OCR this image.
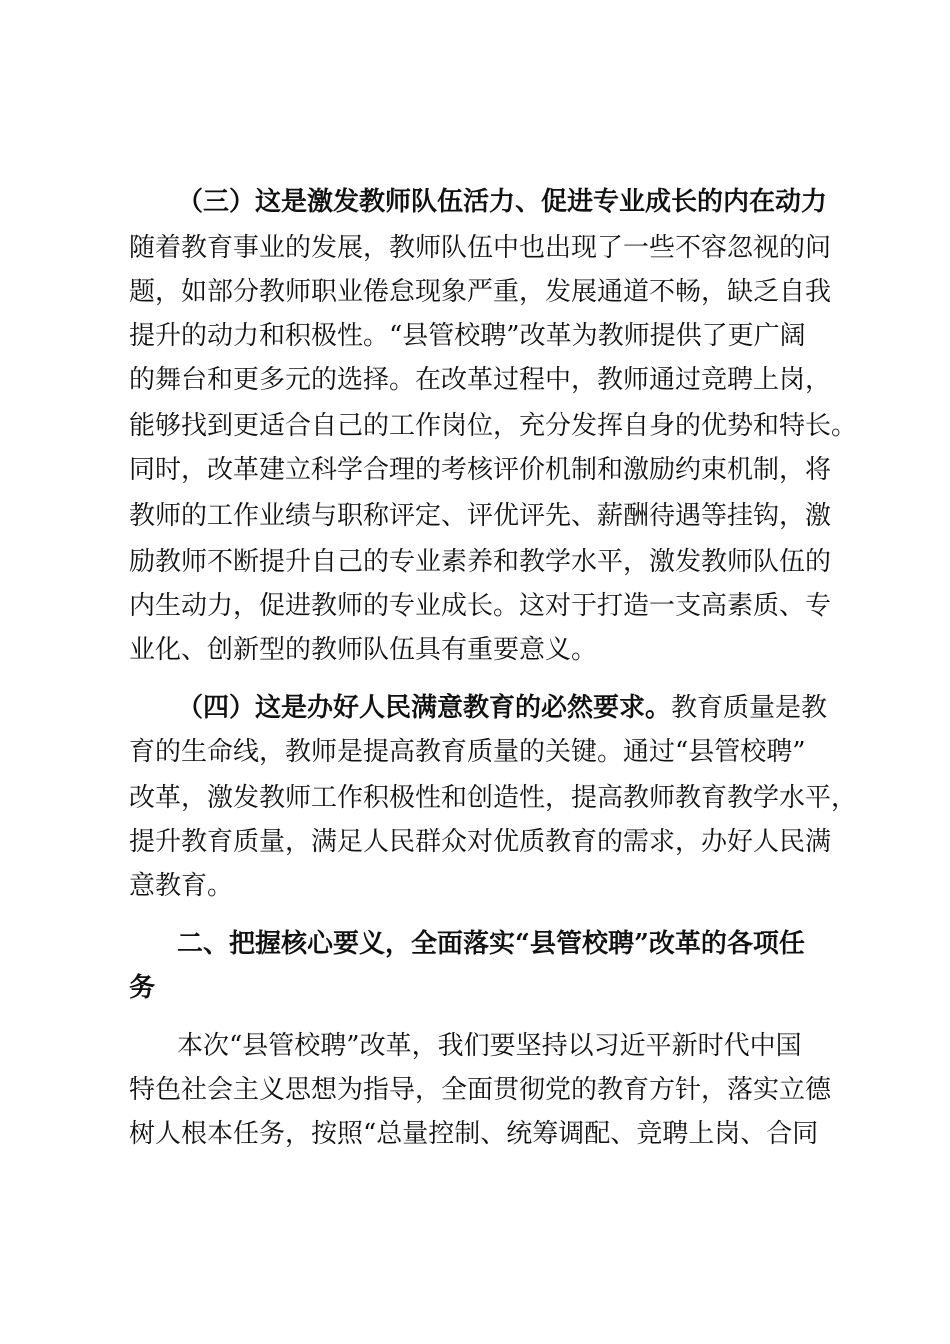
（三）这是激发教师队伍活力、促进专业成长的内在动力
随着教育事业的发展，教师队伍中也出现了一些不容忽视的问
题，如部分教师职业倦怠现象严重，发展通道不畅，缺乏自我
提升的动力和积极性。“县管校聘”改革为教师提供了更广阔
的舞台和更多元的选择。在改革过程中，教师通过竞聘上岗，
能够找到更适合自己的工作岗位，充分发挥自身的优势和特长。
同时，改革建立科学合理的考核评价机制和激励约束机制，将
教师的工作业绩与职称评定、评优评先、薪酬待遇等挂钩，激
励教师不断提升自己的专业素养和教学水平，激发教师队伍的
内生动力，促进教师的专业成长。这对于打造一支高素质、专
业化、创新型的教师队伍具有重要意义。
（四）这是办好人民满意教育的必然要求。教育质量是教
育的生命线，教师是提高教育质量的关键。通过“县管校聘”
改革，激发教师工作积极性和创造性，提高教师教育教学水平，
提升教育质量，满足人民群众对优质教育的需求，办好人民满
意教育。
二、把握核心要义，全面落实“县管校聘”改革的各项任
务
本次“县管校聘”改革，我们要坚持以习近平新时代中国
特色社会主义思想为指导，全面贯彻党的教育方针，落实立德
树人根本任务，按照“总量控制、统筹调配、竞聘上岗、合同
